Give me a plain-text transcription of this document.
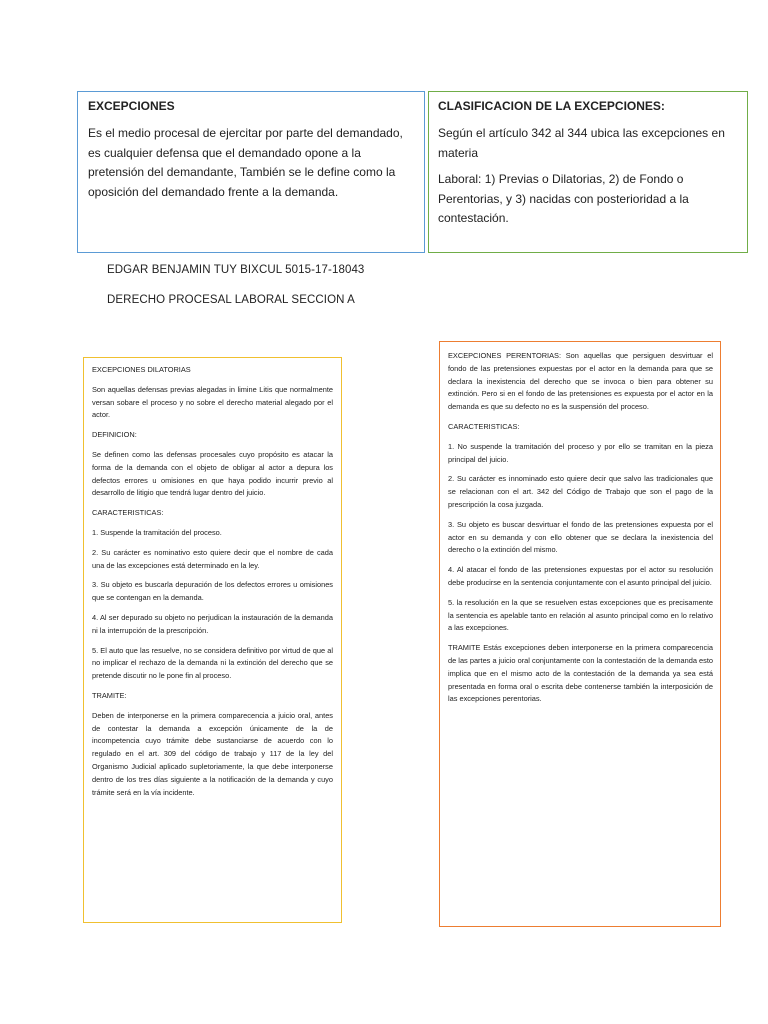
EXCEPCIONES

Es el medio procesal de ejercitar por parte del demandado, es cualquier defensa que el demandado opone a la pretensión del demandante, También se le define como la oposición del demandado frente a la demanda.

CLASIFICACION DE LA EXCEPCIONES:

Según el artículo 342 al 344 ubica las excepciones en materia

Laboral: 1) Previas o Dilatorias, 2) de Fondo o Perentorias, y 3) nacidas con posterioridad a la contestación.

EDGAR BENJAMIN TUY BIXCUL 5015-17-18043
DERECHO PROCESAL LABORAL SECCION A

EXCEPCIONES DILATORIAS

Son aquellas defensas previas alegadas in limine Litis que normalmente versan sobare el proceso y no sobre el derecho material alegado por el actor.

DEFINICION:

Se definen como las defensas procesales cuyo propósito es atacar la forma de la demanda con el objeto de obligar al actor a depura los defectos errores u omisiones en que haya podido incurrir previo al desarrollo de litigio que tendrá lugar dentro del juicio.

CARACTERISTICAS:

1. Suspende la tramitación del proceso.

2. Su carácter es nominativo esto quiere decir que el nombre de cada una de las excepciones está determinado en la ley.

3. Su objeto es buscarla depuración de los defectos errores u omisiones que se contengan en la demanda.

4. Al ser depurado su objeto no perjudican la instauración de la demanda ni la interrupción de la prescripción.

5. El auto que las resuelve, no se considera definitivo por virtud de que al no implicar el rechazo de la demanda ni la extinción del derecho que se pretende discutir no le pone fin al proceso.

TRAMITE:

Deben de interponerse en la primera comparecencia a juicio oral, antes de contestar la demanda a excepción únicamente de la de incompetencia cuyo trámite debe sustanciarse de acuerdo con lo regulado en el art. 309 del código de trabajo y 117 de la ley del Organismo Judicial aplicado supletoriamente, la que debe interponerse dentro de los tres días siguiente a la notificación de la demanda y cuyo trámite será en la vía incidente.

EXCEPCIONES PERENTORIAS: Son aquellas que persiguen desvirtuar el fondo de las pretensiones expuestas por el actor en la demanda para que se declara la inexistencia del derecho que se invoca o bien para obtener su extinción. Pero si en el fondo de las pretensiones es expuesta por el actor en la demanda es que su defecto no es la suspensión del proceso.

CARACTERISTICAS:

1. No suspende la tramitación del proceso y por ello se tramitan en la pieza principal del juicio.

2. Su carácter es innominado esto quiere decir que salvo las tradicionales que se relacionan con el art. 342 del Código de Trabajo que son el pago de la prescripción la cosa juzgada.

3. Su objeto es buscar desvirtuar el fondo de las pretensiones expuesta por el actor en su demanda y con ello obtener que se declara la inexistencia del derecho o la extinción del mismo.

4. Al atacar el fondo de las pretensiones expuestas por el actor su resolución debe producirse en la sentencia conjuntamente con el asunto principal del juicio.

5. la resolución en la que se resuelven estas excepciones que es precisamente la sentencia es apelable tanto en relación al asunto principal como en lo relativo a las excepciones.

TRAMITE Estás excepciones deben interponerse en la primera comparecencia de las partes a juicio oral conjuntamente con la contestación de la demanda esto implica que en el mismo acto de la contestación de la demanda ya sea está presentada en forma oral o escrita debe contenerse también la interposición de las excepciones perentorias.
